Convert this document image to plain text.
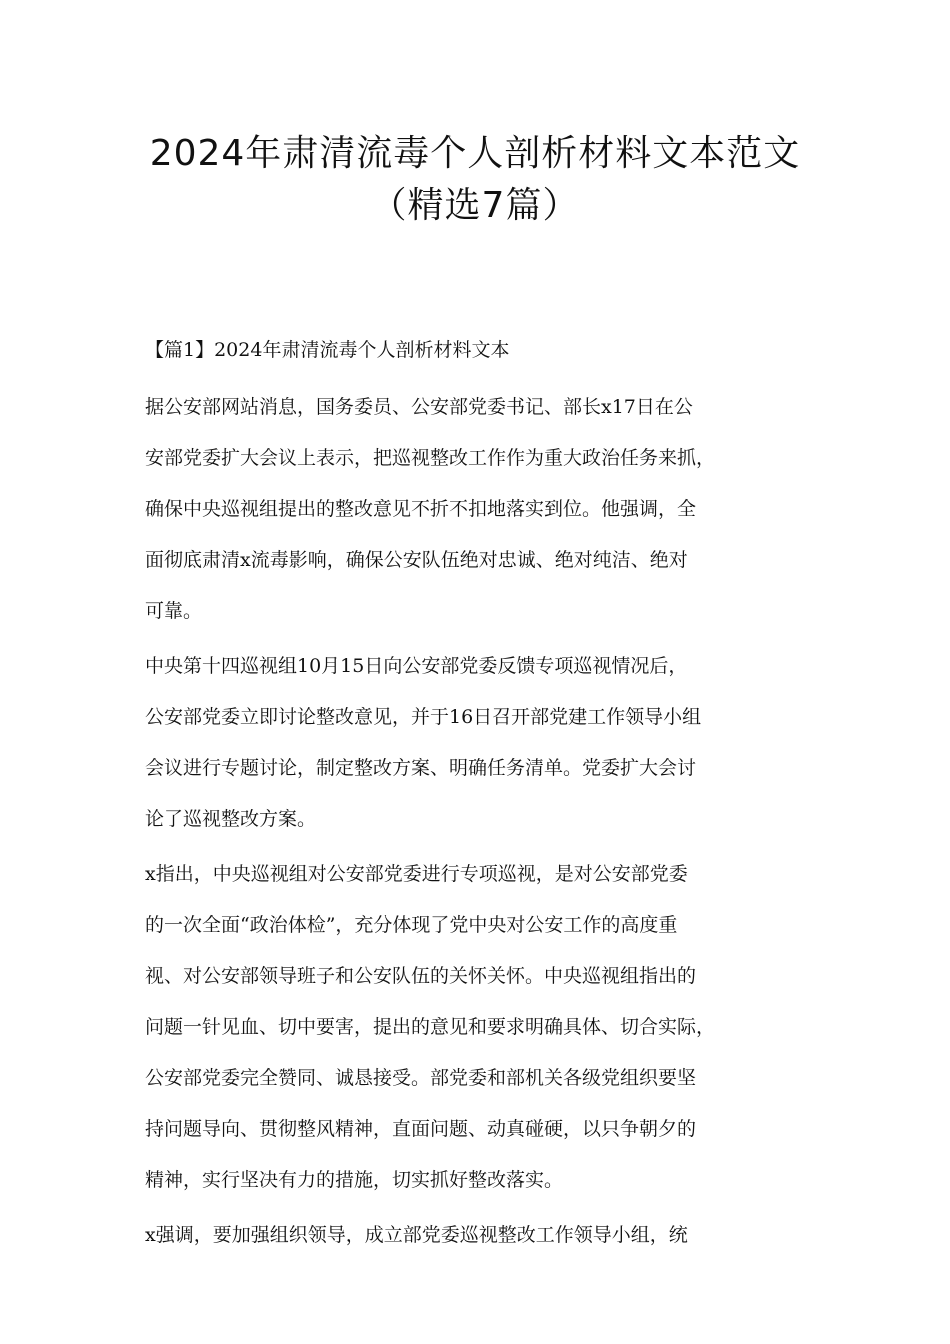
2024年肃清流毒个人剖析材料文本范文
（精选7篇）
【篇1】2024年肃清流毒个人剖析材料文本
据公安部网站消息，国务委员、公安部党委书记、部长x17日在公
安部党委扩大会议上表示，把巡视整改工作作为重大政治任务来抓，
确保中央巡视组提出的整改意见不折不扣地落实到位。他强调，全
面彻底肃清x流毒影响，确保公安队伍绝对忠诚、绝对纯洁、绝对
可靠。
中央第十四巡视组10月15日向公安部党委反馈专项巡视情况后，
公安部党委立即讨论整改意见，并于16日召开部党建工作领导小组
会议进行专题讨论，制定整改方案、明确任务清单。党委扩大会讨
论了巡视整改方案。
x指出，中央巡视组对公安部党委进行专项巡视，是对公安部党委
的一次全面“政治体检”，充分体现了党中央对公安工作的高度重
视、对公安部领导班子和公安队伍的关怀关怀。中央巡视组指出的
问题一针见血、切中要害，提出的意见和要求明确具体、切合实际，
公安部党委完全赞同、诚恳接受。部党委和部机关各级党组织要坚
持问题导向、贯彻整风精神，直面问题、动真碰硬，以只争朝夕的
精神，实行坚决有力的措施，切实抓好整改落实。
x强调，要加强组织领导，成立部党委巡视整改工作领导小组，统
